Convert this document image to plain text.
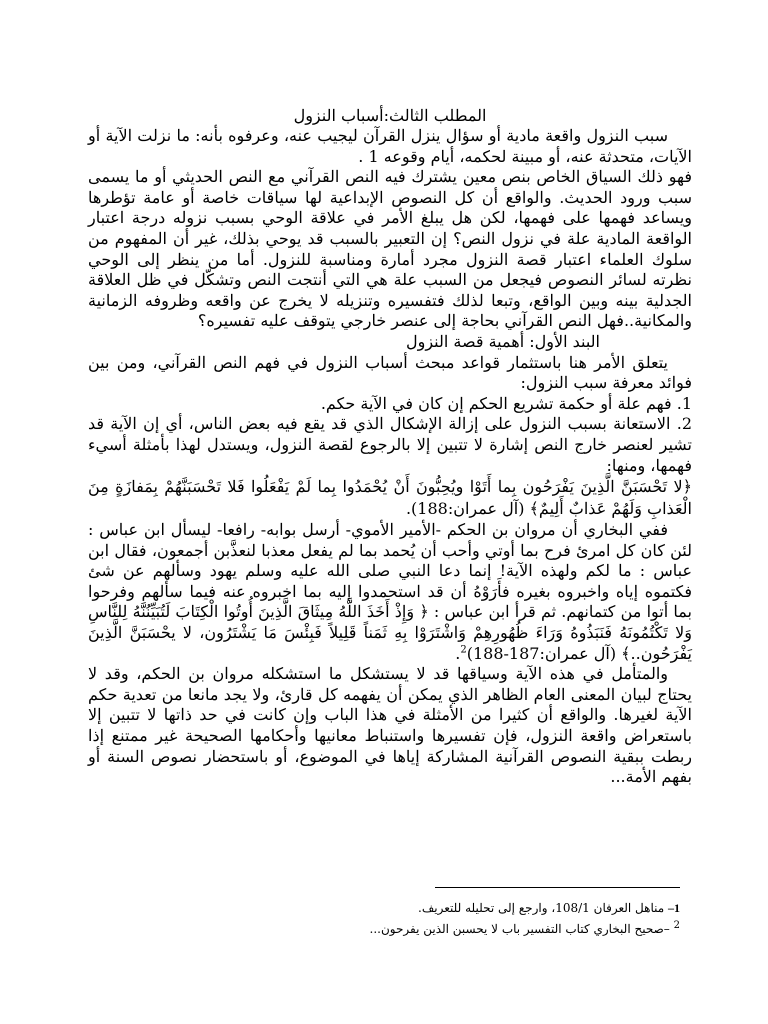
المطلب الثالث:أسباب النزول

سبب النزول واقعة مادية أو سؤال ينزل القرآن ليجيب عنه، وعرفوه بأنه: ما نزلت الآية أو الآيات، متحدثة عنه، أو مبينة لحكمه، أيام وقوعه 1 .

فهو ذلك السياق الخاص بنص معين يشترك فيه النص القرآني مع النص الحديثي أو ما يسمى سبب ورود الحديث. والواقع أن كل النصوص الإبداعية لها سياقات خاصة أو عامة تؤطرها ويساعد فهمها على فهمها، لكن هل يبلغ الأمر في علاقة الوحي بسبب نزوله درجة اعتبار الواقعة المادية علة في نزول النص؟ إن التعبير بالسبب قد يوحي بذلك، غير أن المفهوم من سلوك العلماء اعتبار قصة النزول مجرد أمارة ومناسبة للنزول. أما من ينظر إلى الوحي نظرته لسائر النصوص فيجعل من السبب علة هي التي أنتجت النص وتشكّل في ظل العلاقة الجدلية بينه وبين الواقع، وتبعا لذلك فتفسيره وتنزيله لا يخرج عن واقعه وظروفه الزمانية والمكانية..فهل النص القرآني بحاجة إلى عنصر خارجي يتوقف عليه تفسيره؟

البند الأول: أهمية قصة النزول

يتعلق الأمر هنا باستثمار قواعد مبحث أسباب النزول في فهم النص القرآني، ومن بين فوائد معرفة سبب النزول:

1. فهم علة أو حكمة تشريع الحكم إن كان في الآية حكم.

2. الاستعانة بسبب النزول على إزالة الإشكال الذي قد يقع فيه بعض الناس، أي إن الآية قد تشير لعنصر خارج النص إشارة لا تتبين إلا بالرجوع لقصة النزول، ويستدل لهذا بأمثلة أسيء فهمها، ومنها:

﴿لا تَحْسَبَنَّ الَّذِينَ يَفْرَحُون بِما أَتَوْا ويُحِبُّونَ أَنْ يُحْمَدُوا بِما لَمْ يَفْعَلُوا فَلا تَحْسَبَنَّهُمْ بِمَفازَةٍ مِنَ الْعَذابِ وَلَهُمْ عَذابٌ أَلِيمٌ﴾ (آل عمران:188).

ففي البخاري أن مروان بن الحكم -الأمير الأموي- أرسل بوابه- رافعا- ليسأل ابن عباس : لئن كان كل امرئ فرح بما أوتي وأحب أن يُحمد بما لم يفعل معذبا لنعذَّبن أجمعون، فقال ابن عباس : ما لكم ولهذه الآية! إنما دعا النبي صلى الله عليه وسلم يهود وسألهم عن شئ فكتموه إياه واخبروه بغيره فأَرَوْهُ أن قد استحمدوا إليه بما اخبروه عنه فيما سألهم وفرحوا بما أتوا من كتمانهم. ثم قرأ ابن عباس : ﴿ وَإِذْ أَخَذَ اللَّهُ مِيثَاقَ الَّذِينَ أُوتُوا الْكِتَابَ لَتُبَيِّنُنَّهُ لِلنَّاسِ وَلا تَكْتُمُونَهُ فَنَبَذُوهُ وَرَاءَ ظُهُورِهِمْ وَاشْتَرَوْا بِهِ ثَمَناً قَلِيلاً فَبِئْسَ مَا يَشْتَرُون، لا يحْسَبَنَّ الَّذِينَ يَفْرَحُون..﴾ (آل عمران:187-188)$^2$.

والمتأمل في هذه الآية وسياقها قد لا يستشكل ما استشكله مروان بن الحكم، وقد لا يحتاج لبيان المعنى العام الظاهر الذي يمكن أن يفهمه كل قارئ، ولا يجد مانعا من تعدية حكم الآية لغيرها. والواقع أن كثيرا من الأمثلة في هذا الباب وإن كانت في حد ذاتها لا تتبين إلا باستعراض واقعة النزول، فإن تفسيرها واستنباط معانيها وأحكامها الصحيحة غير ممتنع إذا ربطت ببقية النصوص القرآنية المشاركة إياها في الموضوع، أو باستحضار نصوص السنة أو بفهم الأمة...

1– مناهل العرفان 108/1، وارجع إلى تحليله للتعريف.

$^2$ –صحيح البخاري كتاب التفسير باب لا يحسبن الذين يفرحون...
